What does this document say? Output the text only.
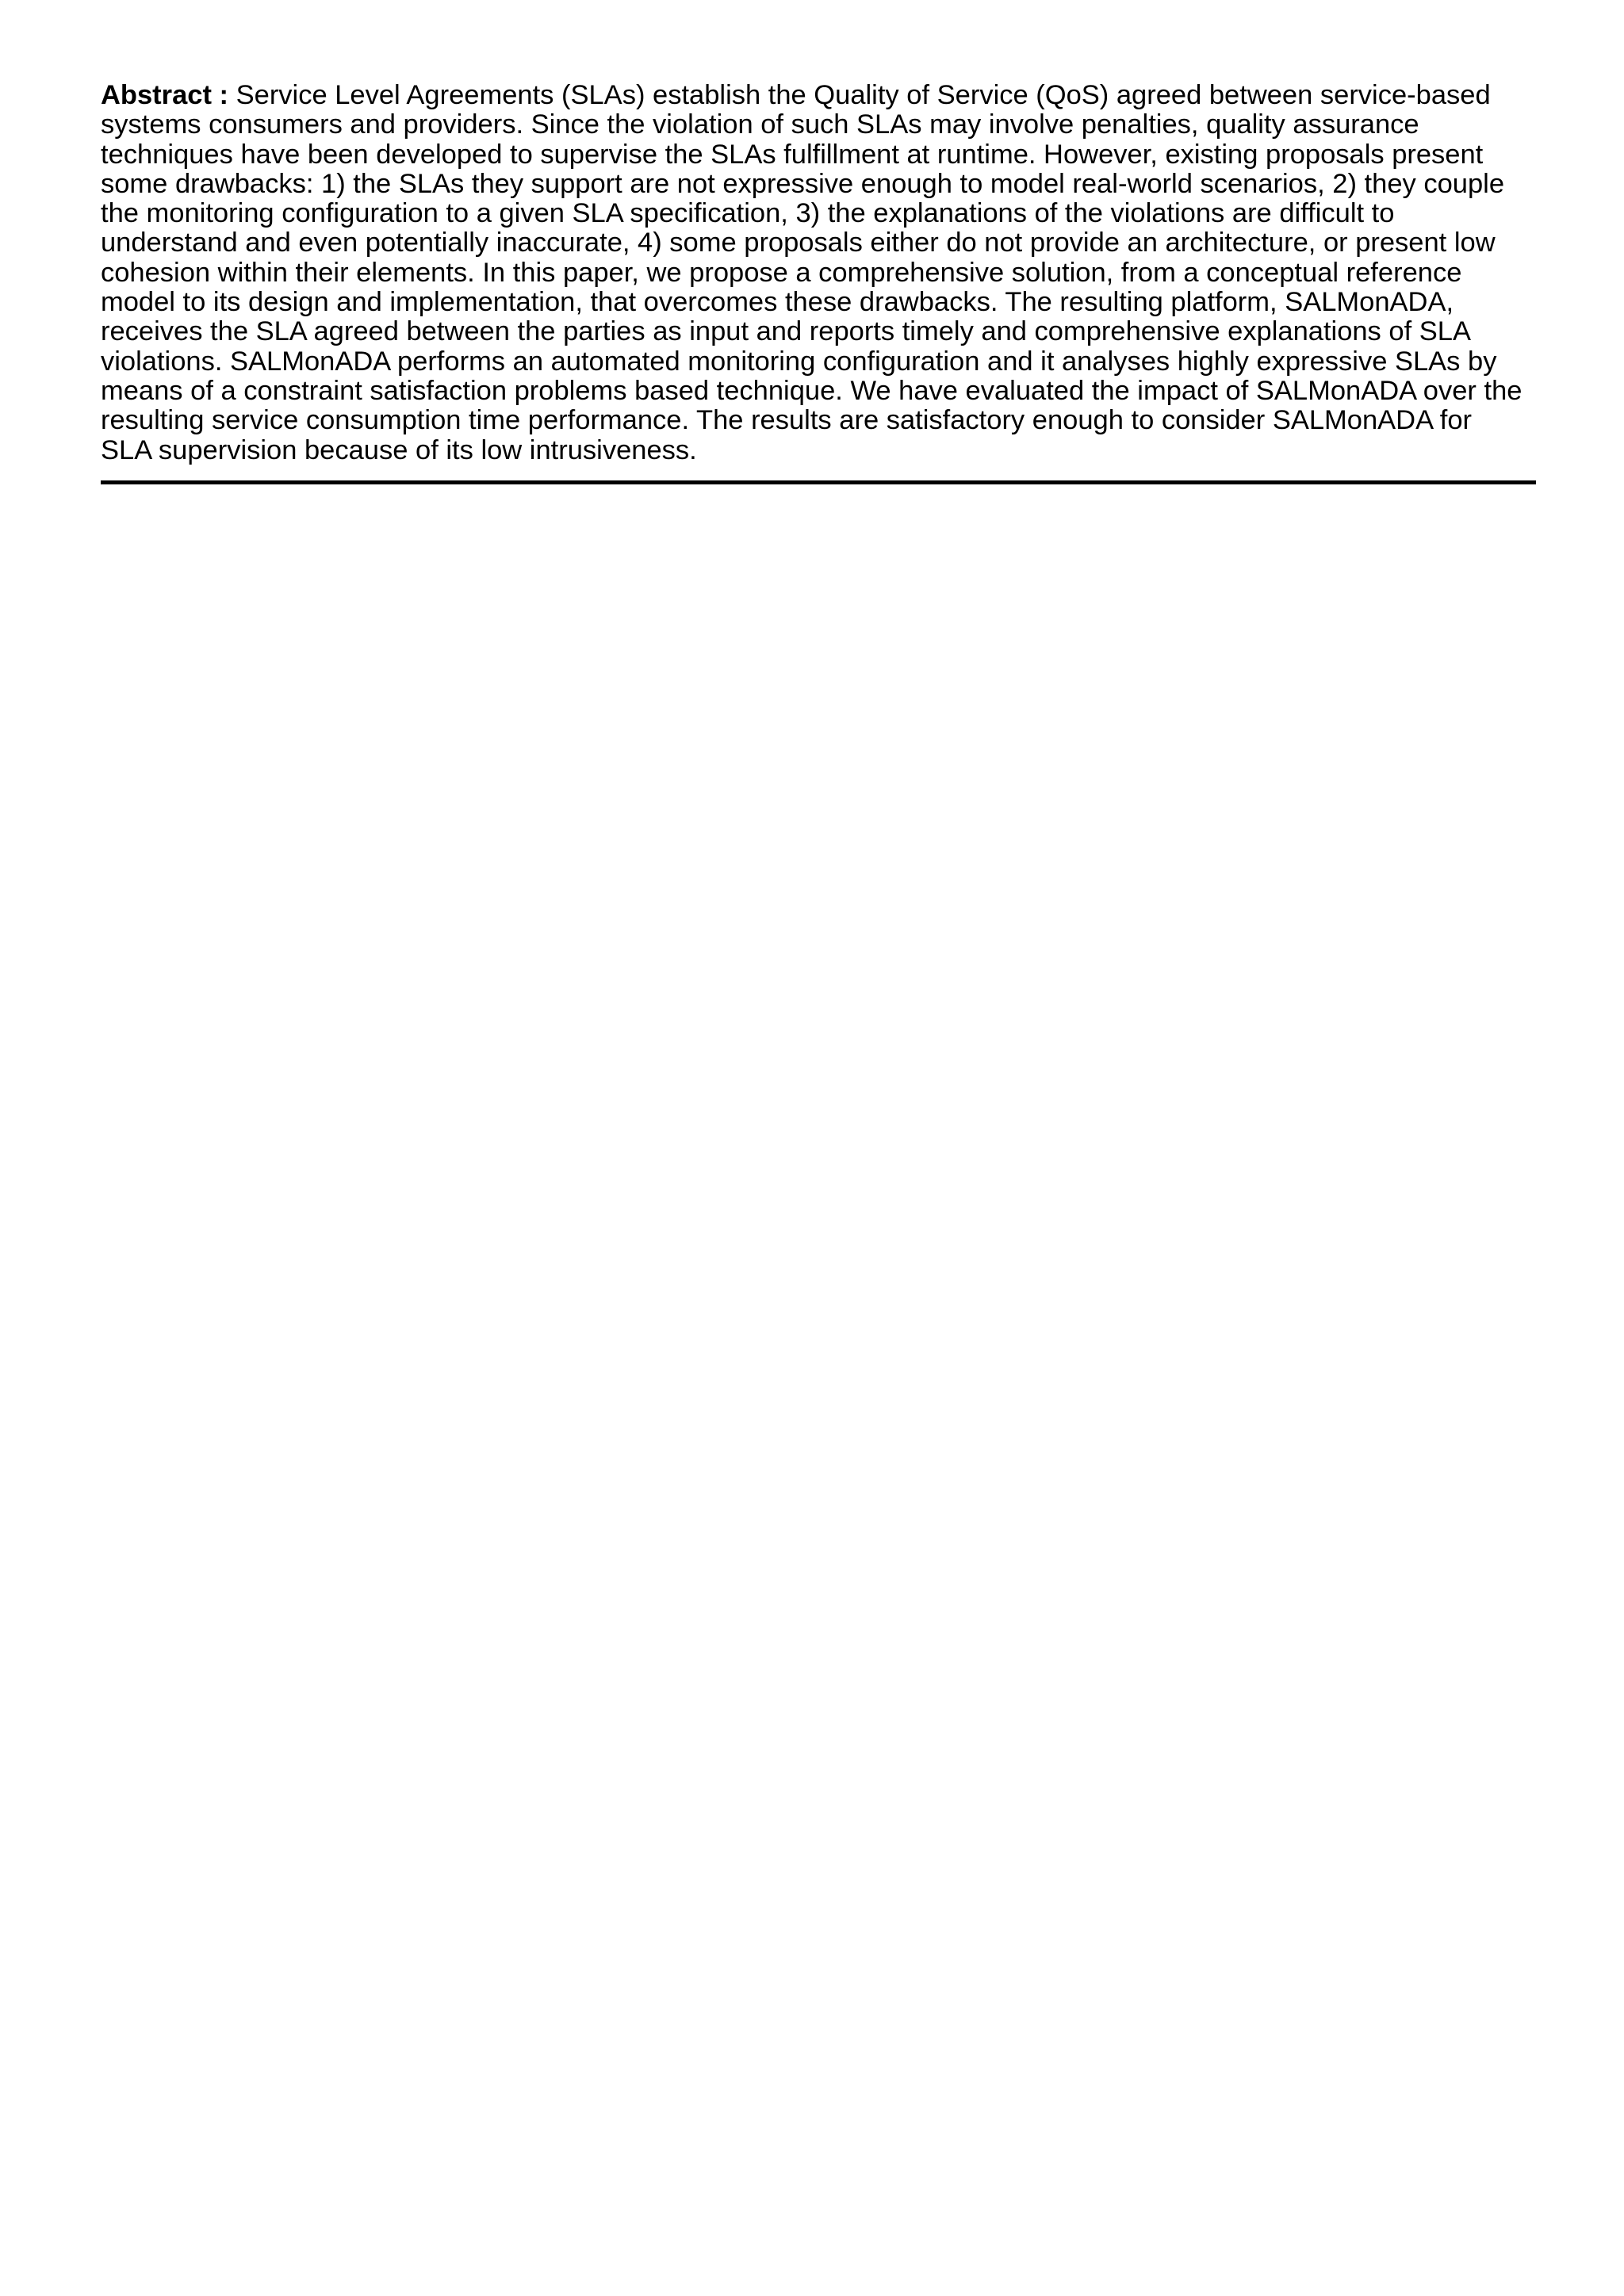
Abstract : Service Level Agreements (SLAs) establish the Quality of Service (QoS) agreed between service-based
systems consumers and providers. Since the violation of such SLAs may involve penalties, quality assurance
techniques have been developed to supervise the SLAs fulfillment at runtime. However, existing proposals present
some drawbacks: 1) the SLAs they support are not expressive enough to model real-world scenarios, 2) they couple
the monitoring configuration to a given SLA specification, 3) the explanations of the violations are difficult to
understand and even potentially inaccurate, 4) some proposals either do not provide an architecture, or present low
cohesion within their elements. In this paper, we propose a comprehensive solution, from a conceptual reference
model to its design and implementation, that overcomes these drawbacks. The resulting platform, SALMonADA,
receives the SLA agreed between the parties as input and reports timely and comprehensive explanations of SLA
violations. SALMonADA performs an automated monitoring configuration and it analyses highly expressive SLAs by
means of a constraint satisfaction problems based technique. We have evaluated the impact of SALMonADA over the
resulting service consumption time performance. The results are satisfactory enough to consider SALMonADA for
SLA supervision because of its low intrusiveness.
